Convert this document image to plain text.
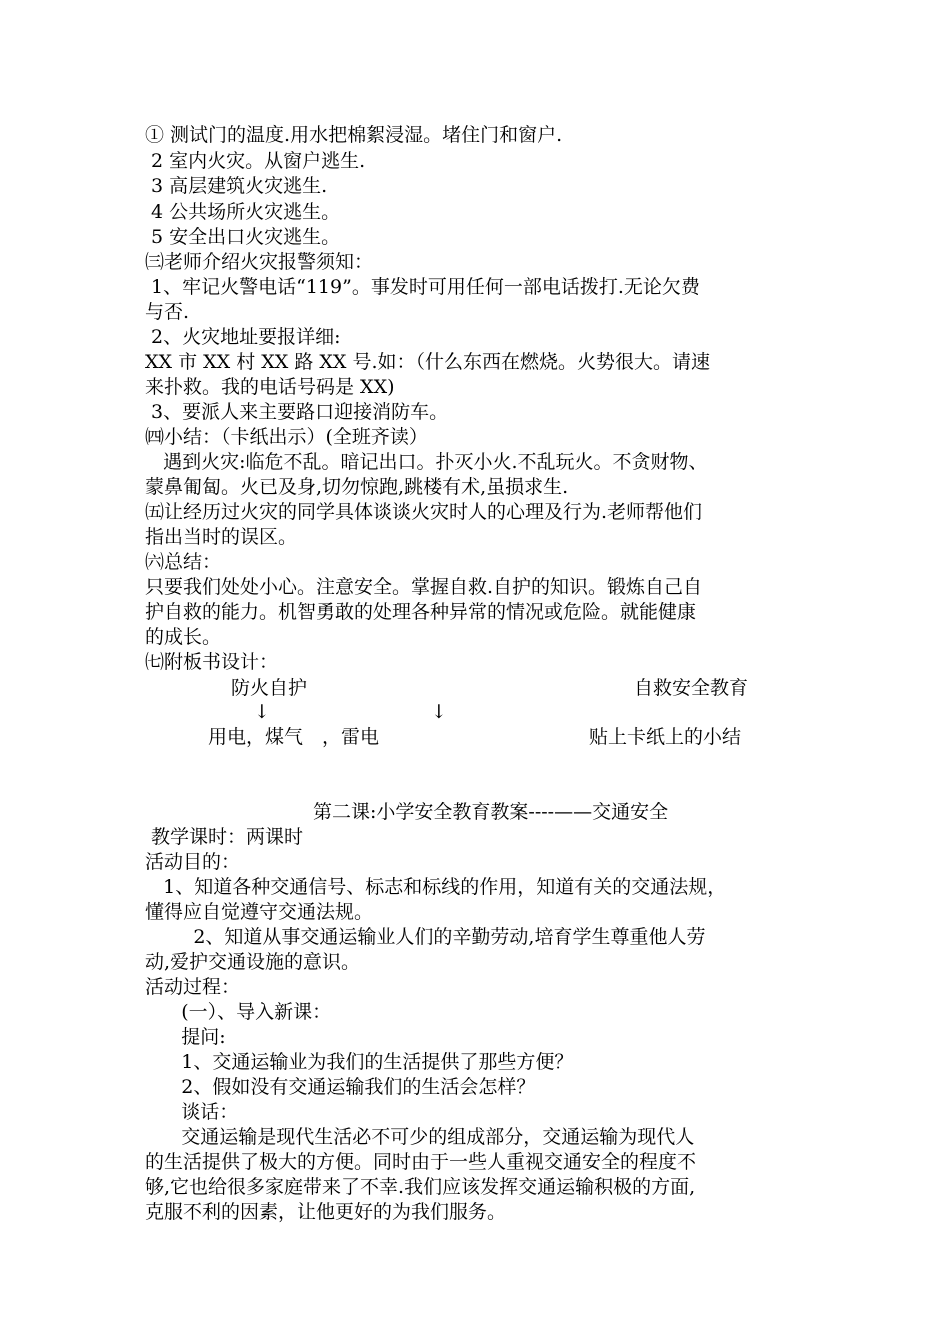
① 测试门的温度.用水把棉絮浸湿。堵住门和窗户.
2 室内火灾。从窗户逃生.
3 高层建筑火灾逃生.
4 公共场所火灾逃生。
5 安全出口火灾逃生。
㈢老师介绍火灾报警须知：
1、牢记火警电话“119”。事发时可用任何一部电话拨打.无论欠费
与否.
2、火灾地址要报详细:
XX 市 XX 村 XX 路 XX 号.如：（什么东西在燃烧。火势很大。请速
来扑救。我的电话号码是 XX)
3、要派人来主要路口迎接消防车。
㈣小结：（卡纸出示）(全班齐读）
遇到火灾:临危不乱。暗记出口。扑灭小火.不乱玩火。不贪财物、
蒙鼻匍匐。火已及身,切勿惊跑,跳楼有术,虽损求生.
㈤让经历过火灾的同学具体谈谈火灾时人的心理及行为.老师帮他们
指出当时的误区。
㈥总结：
只要我们处处小心。注意安全。掌握自救.自护的知识。锻炼自己自
护自救的能力。机智勇敢的处理各种异常的情况或危险。就能健康
的成长。
㈦附板书设计：
防火自护	自救安全教育
↓	↓
用电，煤气　，雷电	贴上卡纸上的小结
第二课:小学安全教育教案----——交通安全
教学课时：两课时
活动目的：
1、知道各种交通信号、标志和标线的作用，知道有关的交通法规，
懂得应自觉遵守交通法规。
2、知道从事交通运输业人们的辛勤劳动,培育学生尊重他人劳
动,爱护交通设施的意识。
活动过程：
(一）、导入新课：
提问:
1、交通运输业为我们的生活提供了那些方便？
2、假如没有交通运输我们的生活会怎样？
谈话：
交通运输是现代生活必不可少的组成部分，交通运输为现代人
的生活提供了极大的方便。同时由于一些人重视交通安全的程度不
够,它也给很多家庭带来了不幸.我们应该发挥交通运输积极的方面,
克服不利的因素，让他更好的为我们服务。
